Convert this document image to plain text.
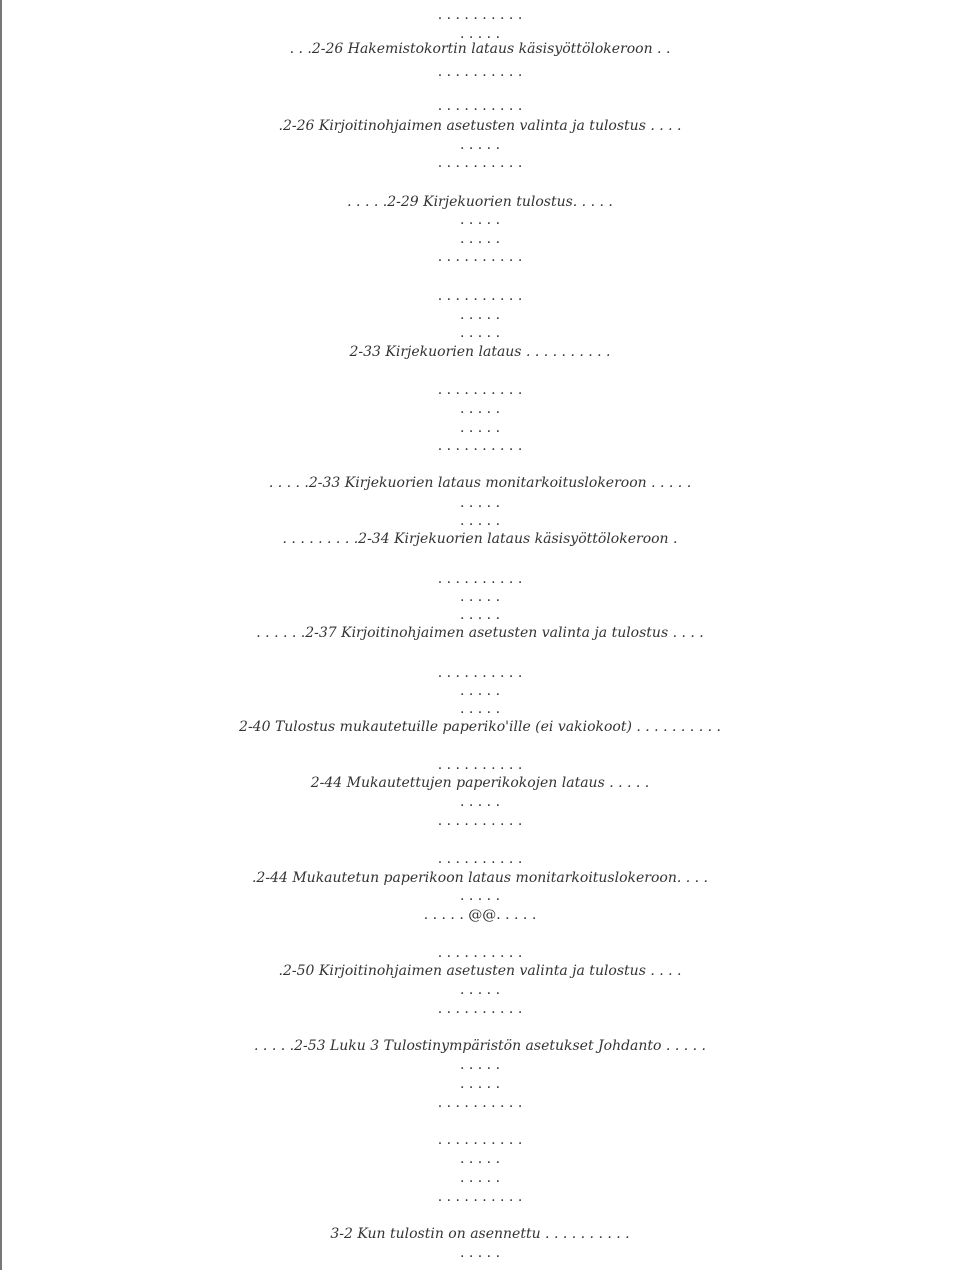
. . . . . . . . . .
. . . . .
. . .2-26 Hakemistokortin lataus käsisyöttölokeroon . .
. . . . . . . . . .
. . . . . . . . . .
.2-26 Kirjoitinohjaimen asetusten valinta ja tulostus . . . .
. . . . .
. . . . . . . . . .
. . . . .2-29 Kirjekuorien tulostus. . . . .
. . . . .
. . . . .
. . . . . . . . . .
. . . . . . . . . .
. . . . .
. . . . .
2-33 Kirjekuorien lataus . . . . . . . . . .
. . . . . . . . . .
. . . . .
. . . . .
. . . . . . . . . .
. . . . .2-33 Kirjekuorien lataus monitarkoituslokeroon . . . . .
. . . . .
. . . . .
. . . . . . . . .2-34 Kirjekuorien lataus käsisyöttölokeroon .
. . . . . . . . . .
. . . . .
. . . . .
. . . . . .2-37 Kirjoitinohjaimen asetusten valinta ja tulostus . . . .
. . . . . . . . . .
. . . . .
. . . . .
2-40 Tulostus mukautetuille paperiko'ille (ei vakiokoot) . . . . . . . . . .
. . . . . . . . . .
2-44 Mukautettujen paperikokojen lataus . . . . .
. . . . .
. . . . . . . . . .
. . . . . . . . . .
.2-44 Mukautetun paperikoon lataus monitarkoituslokeroon. . . .
. . . . .
. . . . . @@. . . . .
. . . . . . . . . .
.2-50 Kirjoitinohjaimen asetusten valinta ja tulostus . . . .
. . . . .
. . . . . . . . . .
. . . . .2-53 Luku 3 Tulostinympäristön asetukset Johdanto . . . . .
. . . . .
. . . . .
. . . . . . . . . .
. . . . . . . . . .
. . . . .
. . . . .
. . . . . . . . . .
3-2 Kun tulostin on asennettu . . . . . . . . . .
. . . . .
